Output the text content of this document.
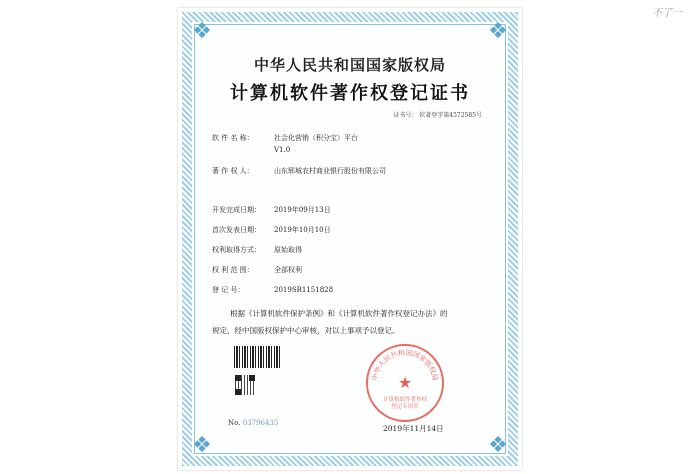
不了一
❖	❖
❖	❖
中华人民共和国国家版权局
计算机软件著作权登记证书
证书号： 软著登字第4572585号
软 件 名 称：	社会化营销（积分宝）平台
V1.0
著 作 权 人：	山东郓城农村商业银行股份有限公司
开发完成日期： 2019年09月13日
首次发表日期： 2019年10月10日
权利取得方式： 原始取得
权 利 范 围：	全部权利
登 记 号：	2019SR1151828
根据《计算机软件保护条例》和《计算机软件著作权登记办法》的
规定，经中国版权保护中心审核，对以上事项予以登记。
No. 03796435
中华人民共和国国家版权局
★
计算机软件著作权
登记专用章
2019年11月14日
